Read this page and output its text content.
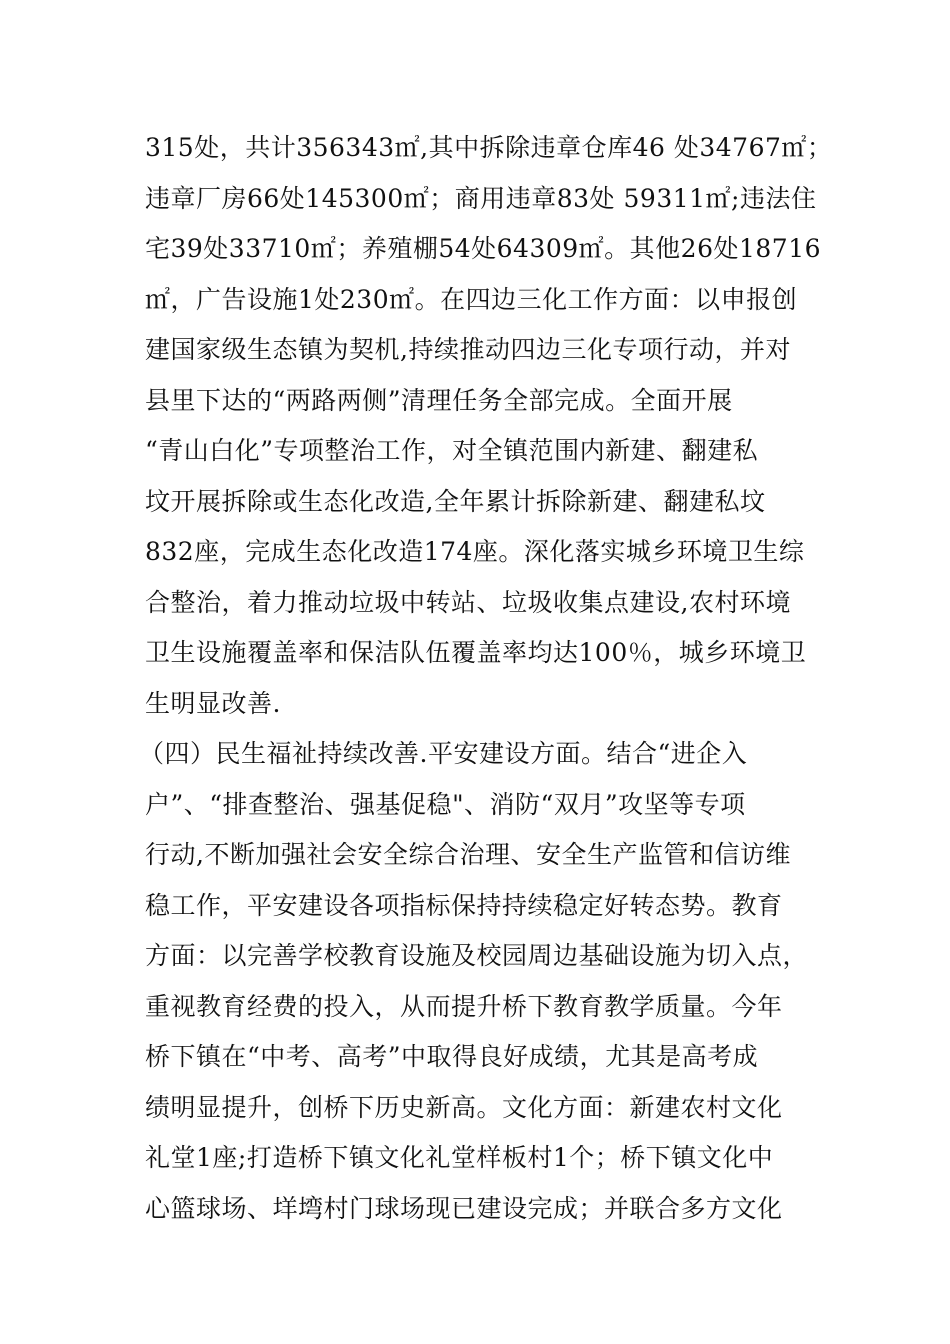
315处，共计356343㎡,其中拆除违章仓库46 处34767㎡；
违章厂房66处145300㎡；商用违章83处 59311㎡;违法住
宅39处33710㎡；养殖棚54处64309㎡。其他26处18716
㎡，广告设施1处230㎡。在四边三化工作方面：以申报创
建国家级生态镇为契机,持续推动四边三化专项行动，并对
县里下达的“两路两侧”清理任务全部完成。全面开展
“青山白化”专项整治工作，对全镇范围内新建、翻建私
坟开展拆除或生态化改造,全年累计拆除新建、翻建私坟
832座，完成生态化改造174座。深化落实城乡环境卫生综
合整治，着力推动垃圾中转站、垃圾收集点建设,农村环境
卫生设施覆盖率和保洁队伍覆盖率均达100％，城乡环境卫
生明显改善.
（四）民生福祉持续改善.平安建设方面。结合“进企入
户”、“排查整治、强基促稳"、消防“双月”攻坚等专项
行动,不断加强社会安全综合治理、安全生产监管和信访维
稳工作，平安建设各项指标保持持续稳定好转态势。教育
方面：以完善学校教育设施及校园周边基础设施为切入点，
重视教育经费的投入，从而提升桥下教育教学质量。今年
桥下镇在“中考、高考”中取得良好成绩，尤其是高考成
绩明显提升，创桥下历史新高。文化方面：新建农村文化
礼堂1座;打造桥下镇文化礼堂样板村1个；桥下镇文化中
心篮球场、垟塆村门球场现已建设完成；并联合多方文化
